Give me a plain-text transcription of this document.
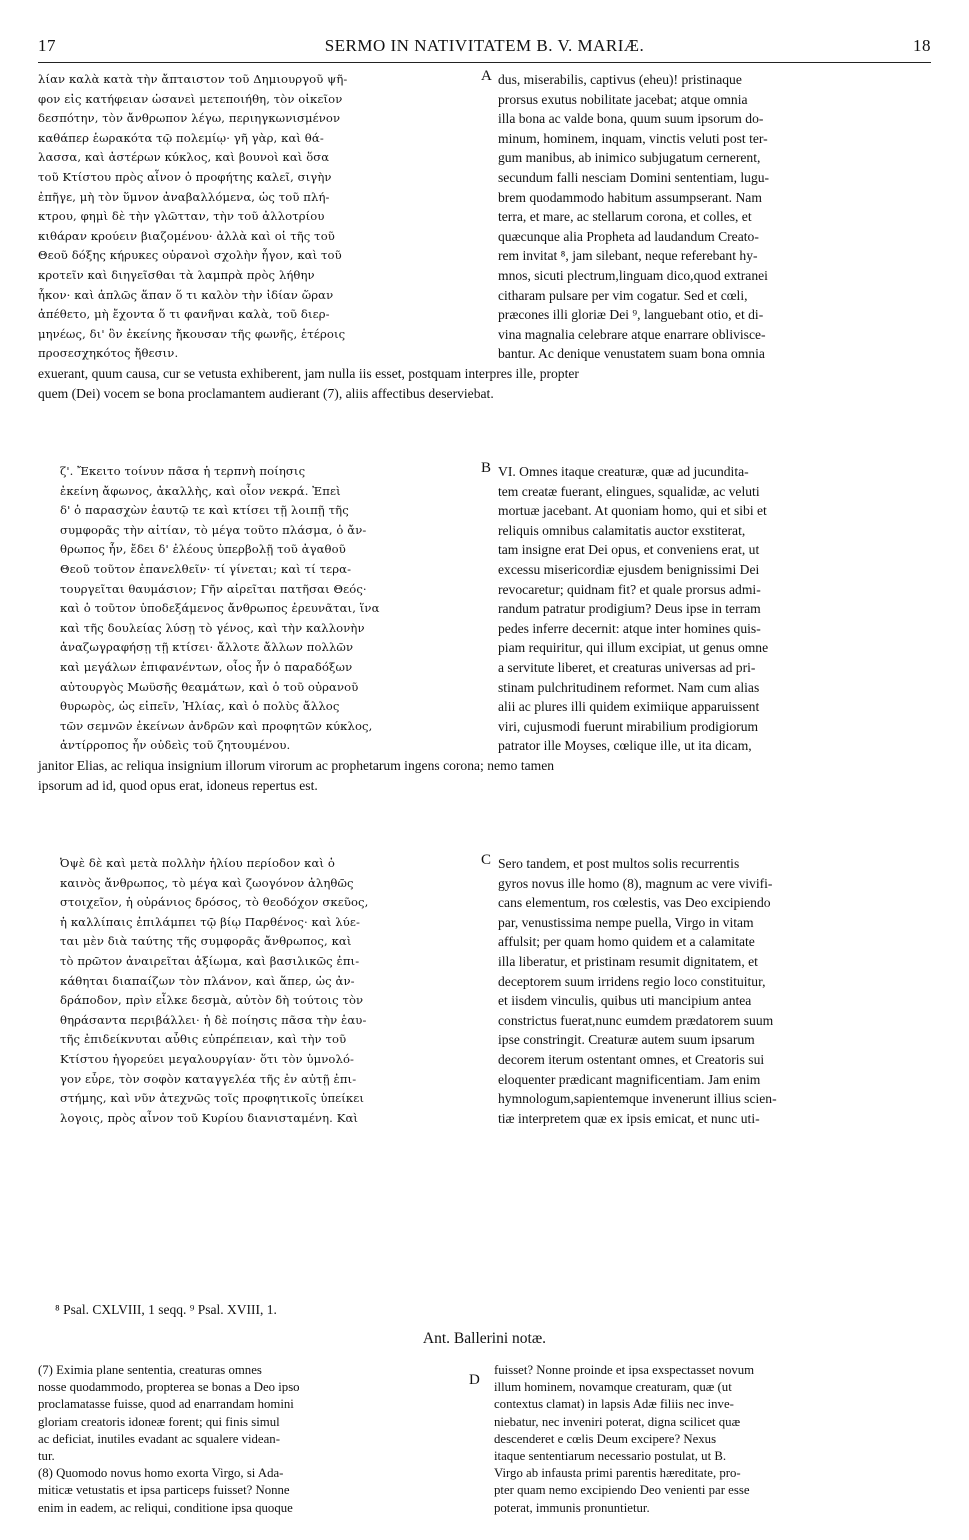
17	SERMO IN NATIVITATEM B. V. MARIÆ.	18
A
B
C
D
λίαν καλὰ κατὰ τὴν ἄπταιστον τοῦ Δημιουργοῦ ψῆ-
φον εἰς κατήφειαν ὡσανεὶ μετεποιήθη, τὸν οἰκεῖον
δεσπότην, τὸν ἄνθρωπον λέγω, περιηγκωνισμένον
καθάπερ ἑωρακότα τῷ πολεμίῳ· γῆ γὰρ, καὶ θά-
λασσα, καὶ ἀστέρων κύκλος, καὶ βουνοὶ καὶ ὅσα
τοῦ Κτίστου πρὸς αἶνον ὁ προφήτης καλεῖ, σιγὴν
ἐπῆγε, μὴ τὸν ὕμνον ἀναβαλλόμενα, ὡς τοῦ πλή-
κτρου, φημὶ δὲ τὴν γλῶτταν, τὴν τοῦ ἀλλοτρίου
κιθάραν κρούειν βιαζομένου· ἀλλὰ καὶ οἱ τῆς τοῦ
Θεοῦ δόξης κήρυκες οὐρανοὶ σχολὴν ἦγον, καὶ τοῦ
κροτεῖν καὶ διηγεῖσθαι τὰ λαμπρὰ πρὸς λήθην
ἧκον· καὶ ἁπλῶς ἅπαν ὅ τι καλὸν τὴν ἰδίαν ὥραν
ἀπέθετο, μὴ ἔχοντα ὅ τι φανῆναι καλὰ, τοῦ διερ-
μηνέως, δι' ὃν ἐκείνης ἤκουσαν τῆς φωνῆς, ἑτέροις
προσεσχηκότος ἤθεσιν.
dus, miserabilis, captivus (eheu)! pristinaque
prorsus exutus nobilitate jacebat; atque omnia
illa bona ac valde bona, quum suum ipsorum do-
minum, hominem, inquam, vinctis veluti post ter-
gum manibus, ab inimico subjugatum cernerent,
secundum falli nesciam Domini sententiam, lugu-
brem quodammodo habitum assumpserant. Nam
terra, et mare, ac stellarum corona, et colles, et
quæcunque alia Propheta ad laudandum Creato-
rem invitat ⁸, jam silebant, neque referebant hy-
mnos, sicuti plectrum,linguam dico,quod extranei
citharam pulsare per vim cogatur. Sed et cœli,
præcones illi gloriæ Dei ⁹, languebant otio, et di-
vina magnalia celebrare atque enarrare oblivisce-
bantur. Ac denique venustatem suam bona omnia
exuerant, quum causa, cur se vetusta exhiberent, jam nulla iis esset, postquam interpres ille, propter
quem (Dei) vocem se bona proclamantem audierant (7), aliis affectibus deserviebat.
ζ'. Ἔκειτο τοίνυν πᾶσα ἡ τερπνὴ ποίησις
ἐκείνη ἄφωνος, ἀκαλλὴς, καὶ οἷον νεκρά. Ἐπεὶ
δ' ὁ παρασχὼν ἑαυτῷ τε καὶ κτίσει τῇ λοιπῇ τῆς
συμφορᾶς τὴν αἰτίαν, τὸ μέγα τοῦτο πλάσμα, ὁ ἄν-
θρωπος ἦν, ἔδει δ' ἐλέους ὑπερβολῇ τοῦ ἀγαθοῦ
Θεοῦ τοῦτον ἐπανελθεῖν· τί γίνεται; καὶ τί τερα-
τουργεῖται θαυμάσιον; Γῆν αἱρεῖται πατῆσαι Θεός·
καὶ ὁ τοῦτον ὑποδεξάμενος ἄνθρωπος ἐρευνᾶται, ἵνα
καὶ τῆς δουλείας λύσῃ τὸ γένος, καὶ τὴν καλλονὴν
ἀναζωγραφήσῃ τῇ κτίσει· ἄλλοτε ἄλλων πολλῶν
καὶ μεγάλων ἐπιφανέντων, οἷος ἦν ὁ παραδόξων
αὐτουργὸς Μωϋσῆς θεαμάτων, καὶ ὁ τοῦ οὐρανοῦ
θυρωρὸς, ὡς εἰπεῖν, Ἠλίας, καὶ ὁ πολὺς ἄλλος
τῶν σεμνῶν ἐκείνων ἀνδρῶν καὶ προφητῶν κύκλος,
ἀντίρροπος ἦν οὐδεὶς τοῦ ζητουμένου.
VI. Omnes itaque creaturæ, quæ ad jucundita-
tem creatæ fuerant, elingues, squalidæ, ac veluti
mortuæ jacebant. At quoniam homo, qui et sibi et
reliquis omnibus calamitatis auctor exstiterat,
tam insigne erat Dei opus, et conveniens erat, ut
excessu misericordiæ ejusdem benignissimi Dei
revocaretur; quidnam fit? et quale prorsus admi-
randum patratur prodigium? Deus ipse in terram
pedes inferre decernit: atque inter homines quis-
piam requiritur, qui illum excipiat, ut genus omne
a servitute liberet, et creaturas universas ad pri-
stinam pulchritudinem reformet. Nam cum alias
alii ac plures illi quidem eximiique apparuissent
viri, cujusmodi fuerunt mirabilium prodigiorum
patrator ille Moyses, cœlique ille, ut ita dicam,
janitor Elias, ac reliqua insignium illorum virorum ac prophetarum ingens corona; nemo tamen
ipsorum ad id, quod opus erat, idoneus repertus est.
Ὀψὲ δὲ καὶ μετὰ πολλὴν ἡλίου περίοδον καὶ ὁ
καινὸς ἄνθρωπος, τὸ μέγα καὶ ζωογόνον ἀληθῶς
στοιχεῖον, ἡ οὐράνιος δρόσος, τὸ θεοδόχον σκεῦος,
ἡ καλλίπαις ἐπιλάμπει τῷ βίῳ Παρθένος· καὶ λύε-
ται μὲν διὰ ταύτης τῆς συμφορᾶς ἄνθρωπος, καὶ
τὸ πρῶτον ἀναιρεῖται ἀξίωμα, καὶ βασιλικῶς ἐπι-
κάθηται διαπαίζων τὸν πλάνον, καὶ ἅπερ, ὡς ἀν-
δράποδον, πρὶν εἷλκε δεσμὰ, αὐτὸν δὴ τούτοις τὸν
θηράσαντα περιβάλλει· ἡ δὲ ποίησις πᾶσα τὴν ἑαυ-
τῆς ἐπιδείκνυται αὖθις εὐπρέπειαν, καὶ τὴν τοῦ
Κτίστου ἠγορεύει μεγαλουργίαν· ὅτι τὸν ὑμνολό-
γον εὗρε, τὸν σοφὸν καταγγελέα τῆς ἐν αὐτῇ ἐπι-
στήμης, καὶ νῦν ἀτεχνῶς τοῖς προφητικοῖς ὑπείκει
λογοις, πρὸς αἶνον τοῦ Κυρίου διανισταμένη. Καὶ
Sero tandem, et post multos solis recurrentis
gyros novus ille homo (8), magnum ac vere vivifi-
cans elementum, ros cœlestis, vas Deo excipiendo
par, venustissima nempe puella, Virgo in vitam
affulsit; per quam homo quidem et a calamitate
illa liberatur, et pristinam resumit dignitatem, et
deceptorem suum irridens regio loco constituitur,
et iisdem vinculis, quibus uti mancipium antea
constrictus fuerat,nunc eumdem prædatorem suum
ipse constringit. Creaturæ autem suum ipsarum
decorem iterum ostentant omnes, et Creatoris sui
eloquenter prædicant magnificentiam. Jam enim
hymnologum,sapientemque invenerunt illius scien-
tiæ interpretem quæ ex ipsis emicat, et nunc uti-
⁸ Psal. CXLVIII, 1 seqq. ⁹ Psal. XVIII, 1.
Ant. Ballerini notæ.
(7) Eximia plane sententia, creaturas omnes
nosse quodammodo, propterea se bonas a Deo ipso
proclamatasse fuisse, quod ad enarrandam homini
gloriam creatoris idoneæ forent; qui finis simul
ac deficiat, inutiles evadant ac squalere videan-
tur.
(8) Quomodo novus homo exorta Virgo, si Ada-
miticæ vetustatis et ipsa particeps fuisset? Nonne
enim in eadem, ac reliqui, conditione ipsa quoque
fuisset? Nonne proinde et ipsa exspectasset novum
illum hominem, novamque creaturam, quæ (ut
contextus clamat) in lapsis Adæ filiis nec inve-
niebatur, nec inveniri poterat, digna scilicet quæ
descenderet e cœlis Deum excipere? Nexus
itaque sententiarum necessario postulat, ut B.
Virgo ab infausta primi parentis hæreditate, pro-
pter quam nemo excipiendo Deo venienti par esse
poterat, immunis pronuntietur.
